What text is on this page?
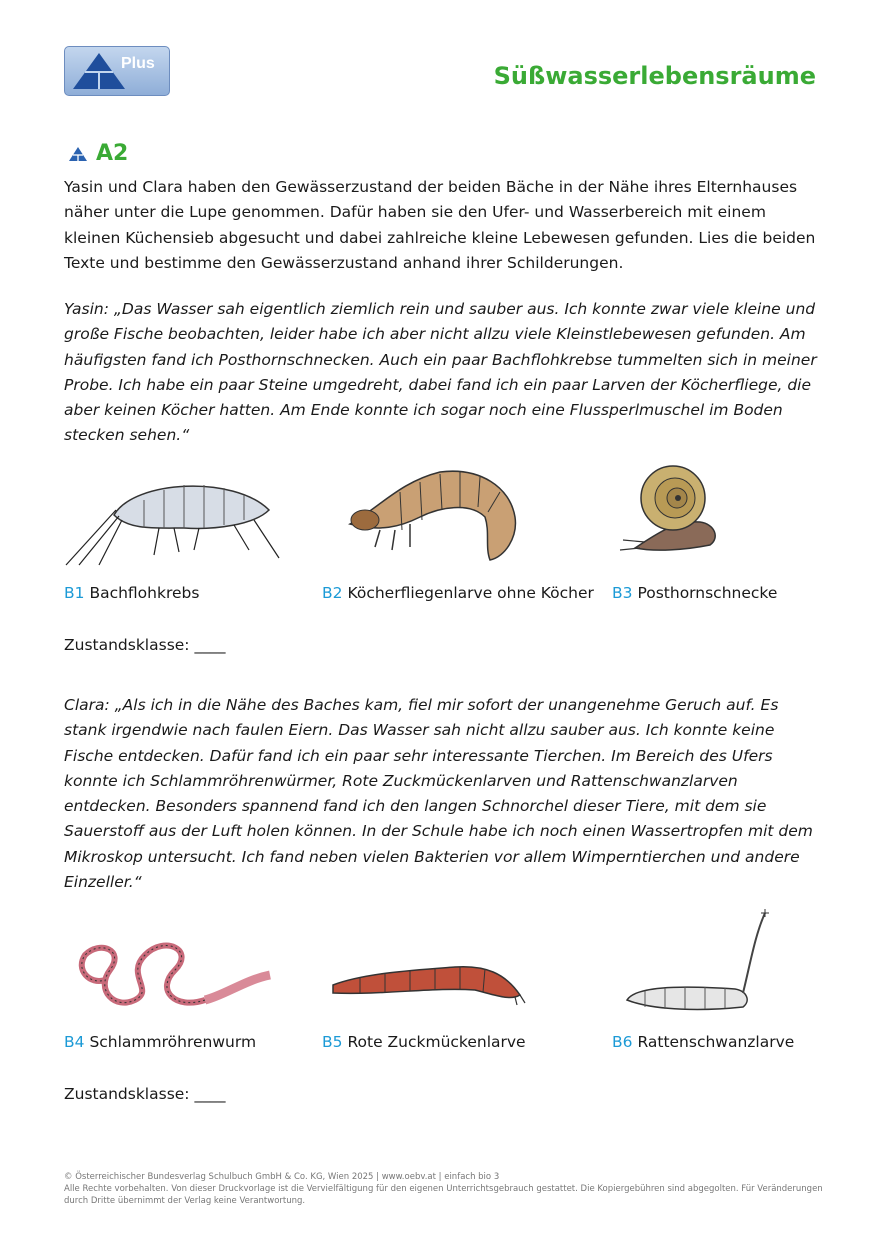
Plus	Süßwasserlebensräume
A2

Yasin und Clara haben den Gewässerzustand der beiden Bäche in der Nähe ihres Elternhauses näher unter die Lupe genommen. Dafür haben sie den Ufer- und Wasserbereich mit einem kleinen Küchensieb abgesucht und dabei zahlreiche kleine Lebewesen gefunden. Lies die beiden Texte und bestimme den Gewässerzustand anhand ihrer Schilderungen.

Yasin: „Das Wasser sah eigentlich ziemlich rein und sauber aus. Ich konnte zwar viele kleine und große Fische beobachten, leider habe ich aber nicht allzu viele Kleinstlebewesen gefunden. Am häufigsten fand ich Posthornschnecken. Auch ein paar Bachflohkrebse tummelten sich in meiner Probe. Ich habe ein paar Steine umgedreht, dabei fand ich ein paar Larven der Köcherfliege, die aber keinen Köcher hatten. Am Ende konnte ich sogar noch eine Flussperlmuschel im Boden stecken sehen.“

B1 Bachflohkrebs	B2 Köcherfliegenlarve ohne Köcher B3 Posthornschnecke
Zustandsklasse: ____

Clara: „Als ich in die Nähe des Baches kam, fiel mir sofort der unangenehme Geruch auf. Es stank irgendwie nach faulen Eiern. Das Wasser sah nicht allzu sauber aus. Ich konnte keine Fische entdecken. Dafür fand ich ein paar sehr interessante Tierchen. Im Bereich des Ufers konnte ich Schlammröhrenwürmer, Rote Zuckmückenlarven und Rattenschwanzlarven entdecken. Besonders spannend fand ich den langen Schnorchel dieser Tiere, mit dem sie Sauerstoff aus der Luft holen können. In der Schule habe ich noch einen Wassertropfen mit dem Mikroskop untersucht. Ich fand neben vielen Bakterien vor allem Wimperntierchen und andere Einzeller.“

B4 Schlammröhrenwurm	B5 Rote Zuckmückenlarve	B6 Rattenschwanzlarve
Zustandsklasse: ____
© Österreichischer Bundesverlag Schulbuch GmbH & Co. KG, Wien 2025 | www.oebv.at | einfach bio 3
Alle Rechte vorbehalten. Von dieser Druckvorlage ist die Vervielfältigung für den eigenen Unterrichtsgebrauch gestattet. Die Kopiergebühren sind abgegolten. Für Veränderungen durch Dritte übernimmt der Verlag keine Verantwortung.
